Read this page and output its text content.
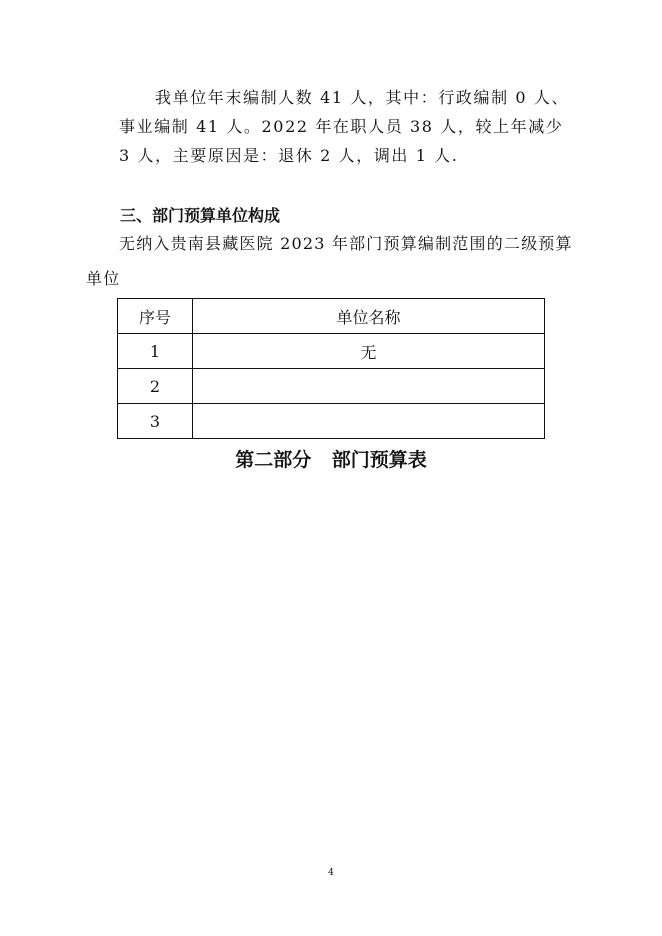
我单位年末编制人数 41 人，其中：行政编制 0 人、事业编制 41 人。2022 年在职人员 38 人，较上年减少 3 人，主要原因是：退休 2 人，调出 1 人.

三、部门预算单位构成

无纳入贵南县藏医院 2023 年部门预算编制范围的二级预算

单位

序号	单位名称
1	无
2	
3	

第二部分 部门预算表

4
